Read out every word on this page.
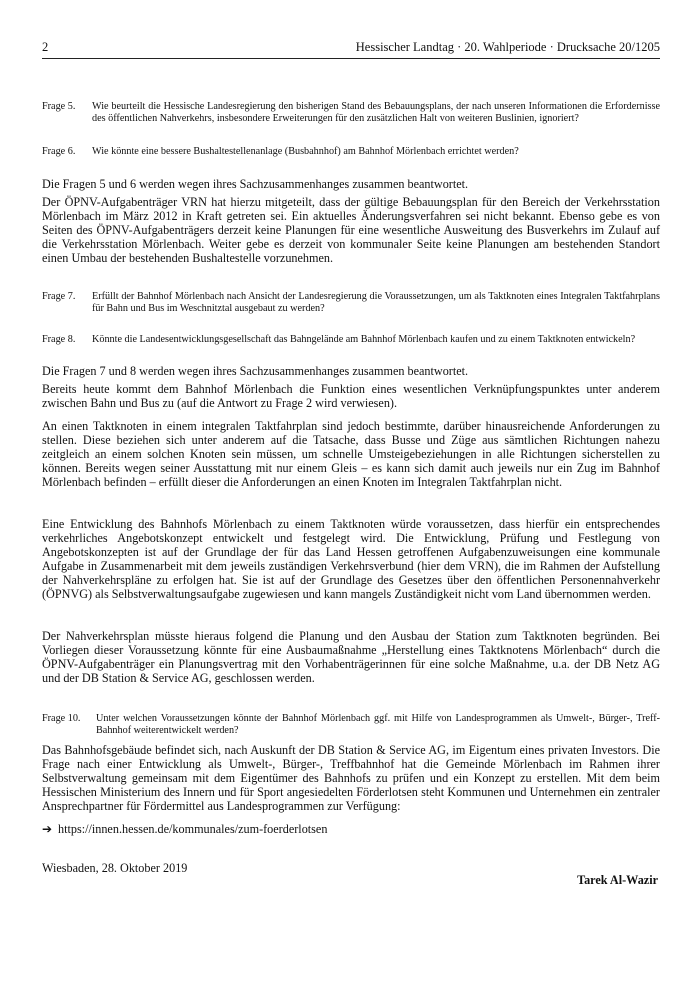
2	Hessischer Landtag · 20. Wahlperiode · Drucksache 20/1205
Frage 5. Wie beurteilt die Hessische Landesregierung den bisherigen Stand des Bebauungsplans, der nach unseren Informationen die Erfordernisse des öffentlichen Nahverkehrs, insbesondere Erweiterungen für den zusätzlichen Halt von weiteren Buslinien, ignoriert?
Frage 6. Wie könnte eine bessere Bushaltestellenanlage (Busbahnhof) am Bahnhof Mörlenbach errichtet werden?

Die Fragen 5 und 6 werden wegen ihres Sachzusammenhanges zusammen beantwortet.

Der ÖPNV-Aufgabenträger VRN hat hierzu mitgeteilt, dass der gültige Bebauungsplan für den Bereich der Verkehrsstation Mörlenbach im März 2012 in Kraft getreten sei. Ein aktuelles Änderungsverfahren sei nicht bekannt. Ebenso gebe es von Seiten des ÖPNV-Aufgabenträgers derzeit keine Planungen für eine wesentliche Ausweitung des Busverkehrs im Zulauf auf die Verkehrsstation Mörlenbach. Weiter gebe es derzeit von kommunaler Seite keine Planungen am bestehenden Standort einen Umbau der bestehenden Bushaltestelle vorzunehmen.

Frage 7. Erfüllt der Bahnhof Mörlenbach nach Ansicht der Landesregierung die Voraussetzungen, um als Taktknoten eines Integralen Taktfahrplans für Bahn und Bus im Weschnitztal ausgebaut zu werden?
Frage 8. Könnte die Landesentwicklungsgesellschaft das Bahngelände am Bahnhof Mörlenbach kaufen und zu einem Taktknoten entwickeln?

Die Fragen 7 und 8 werden wegen ihres Sachzusammenhanges zusammen beantwortet.

Bereits heute kommt dem Bahnhof Mörlenbach die Funktion eines wesentlichen Verknüpfungspunktes unter anderem zwischen Bahn und Bus zu (auf die Antwort zu Frage 2 wird verwiesen).

An einen Taktknoten in einem integralen Taktfahrplan sind jedoch bestimmte, darüber hinausreichende Anforderungen zu stellen. Diese beziehen sich unter anderem auf die Tatsache, dass Busse und Züge aus sämtlichen Richtungen nahezu zeitgleich an einem solchen Knoten sein müssen, um schnelle Umsteigebeziehungen in alle Richtungen sicherstellen zu können. Bereits wegen seiner Ausstattung mit nur einem Gleis – es kann sich damit auch jeweils nur ein Zug im Bahnhof Mörlenbach befinden – erfüllt dieser die Anforderungen an einen Knoten im Integralen Taktfahrplan nicht.

Eine Entwicklung des Bahnhofs Mörlenbach zu einem Taktknoten würde voraussetzen, dass hierfür ein entsprechendes verkehrliches Angebotskonzept entwickelt und festgelegt wird. Die Entwicklung, Prüfung und Festlegung von Angebotskonzepten ist auf der Grundlage der für das Land Hessen getroffenen Aufgabenzuweisungen eine kommunale Aufgabe in Zusammenarbeit mit dem jeweils zuständigen Verkehrsverbund (hier dem VRN), die im Rahmen der Aufstellung der Nahverkehrspläne zu erfolgen hat. Sie ist auf der Grundlage des Gesetzes über den öffentlichen Personennahverkehr (ÖPNVG) als Selbstverwaltungsaufgabe zugewiesen und kann mangels Zuständigkeit nicht vom Land übernommen werden.

Der Nahverkehrsplan müsste hieraus folgend die Planung und den Ausbau der Station zum Taktknoten begründen. Bei Vorliegen dieser Voraussetzung könnte für eine Ausbaumaßnahme „Herstellung eines Taktknotens Mörlenbach“ durch die ÖPNV-Aufgabenträger ein Planungsvertrag mit den Vorhabenträgerinnen für eine solche Maßnahme, u.a. der DB Netz AG und der DB Station & Service AG, geschlossen werden.

Frage 10. Unter welchen Voraussetzungen könnte der Bahnhof Mörlenbach ggf. mit Hilfe von Landesprogrammen als Umwelt-, Bürger-, Treff-Bahnhof weiterentwickelt werden?

Das Bahnhofsgebäude befindet sich, nach Auskunft der DB Station & Service AG, im Eigentum eines privaten Investors. Die Frage nach einer Entwicklung als Umwelt-, Bürger-, Treffbahnhof hat die Gemeinde Mörlenbach im Rahmen ihrer Selbstverwaltung gemeinsam mit dem Eigentümer des Bahnhofs zu prüfen und ein Konzept zu erstellen. Mit dem beim Hessischen Ministerium des Innern und für Sport angesiedelten Förderlotsen steht Kommunen und Unternehmen ein zentraler Ansprechpartner für Fördermittel aus Landesprogrammen zur Verfügung:

➔ https://innen.hessen.de/kommunales/zum-foerderlotsen
Wiesbaden, 28. Oktober 2019
Tarek Al-Wazir
